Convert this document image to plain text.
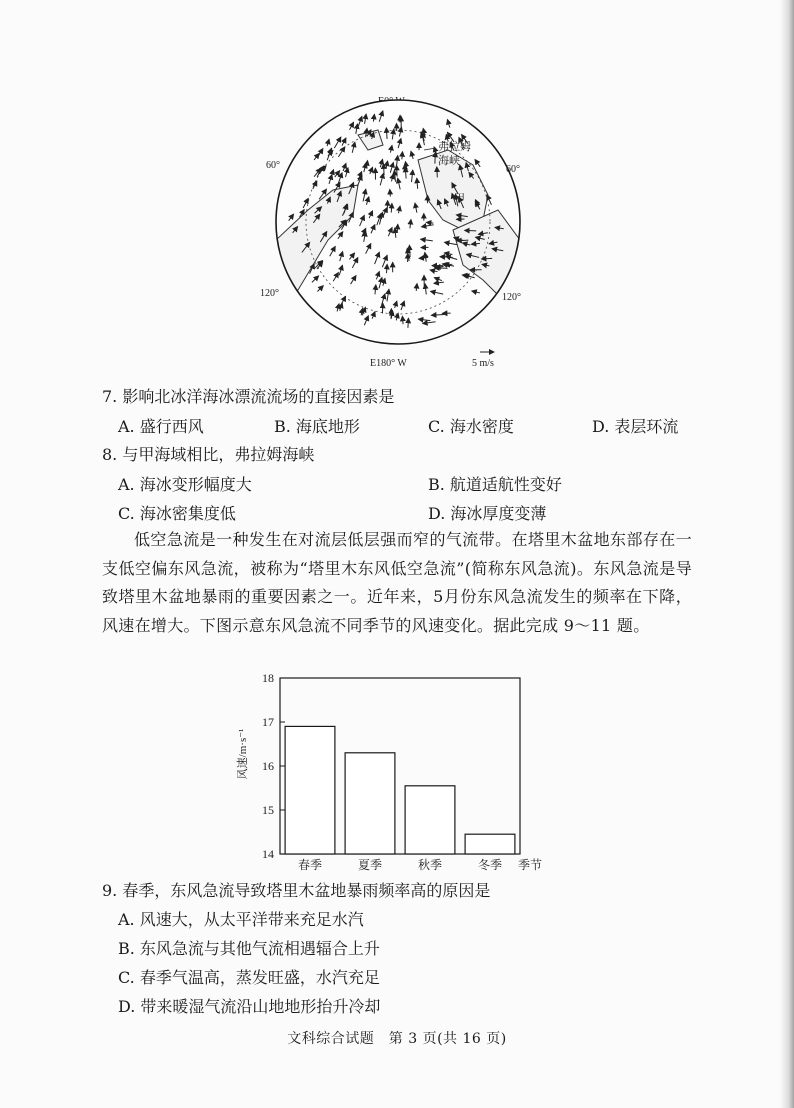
60°	60°
120°	120°
弗拉姆
海峡
甲
E180° W	5 m/s
7. 影响北冰洋海冰漂流流场的直接因素是
A. 盛行西风	B. 海底地形	C. 海水密度	D. 表层环流
8. 与甲海域相比，弗拉姆海峡
A. 海冰变形幅度大	B. 航道适航性变好
C. 海冰密集度低	D. 海冰厚度变薄
低空急流是一种发生在对流层低层强而窄的气流带。在塔里木盆地东部存在一支低空偏东风急流，被称为“塔里木东风低空急流”(简称东风急流)。东风急流是导致塔里木盆地暴雨的重要因素之一。近年来，5月份东风急流发生的频率在下降，风速在增大。下图示意东风急流不同季节的风速变化。据此完成 9～11 题。
风速/m·s⁻¹
14
15
16
17
18
春季	夏季	秋季	冬季 季节
9. 春季，东风急流导致塔里木盆地暴雨频率高的原因是
A. 风速大，从太平洋带来充足水汽
B. 东风急流与其他气流相遇辐合上升
C. 春季气温高，蒸发旺盛，水汽充足
D. 带来暖湿气流沿山地地形抬升冷却
文科综合试题　第 3 页(共 16 页)
